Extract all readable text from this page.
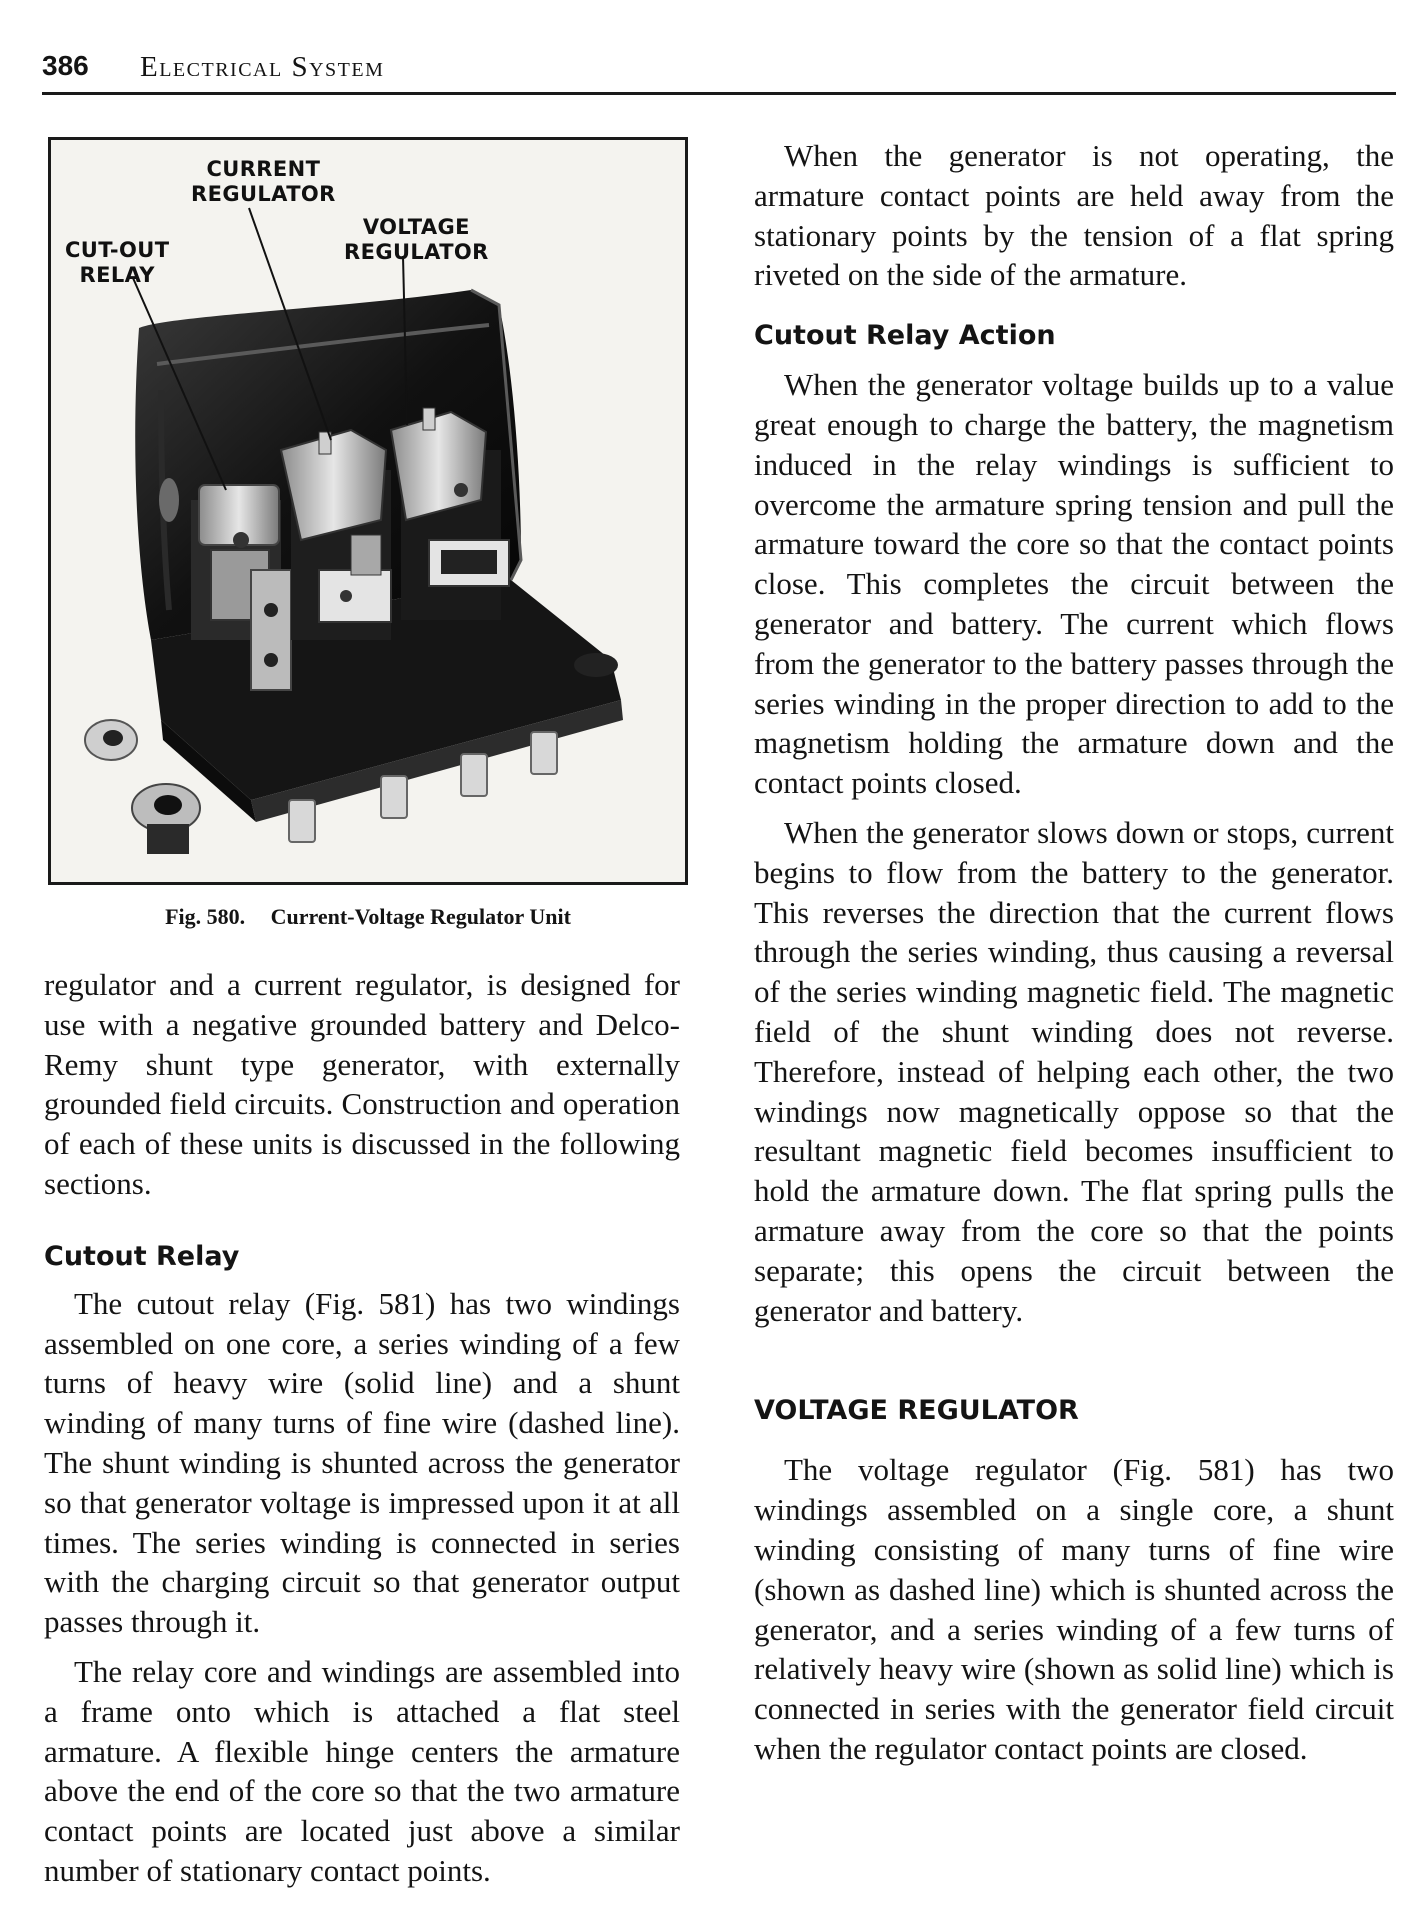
386 Electrical System
CUT-OUT
RELAY
CURRENT
REGULATOR
VOLTAGE
REGULATOR
Fig. 580. Current-Voltage Regulator Unit

regulator and a current regulator, is designed for use with a negative grounded battery and Delco-Remy shunt type generator, with externally grounded field circuits. Construction and operation of each of these units is discussed in the following sections.

Cutout Relay

The cutout relay (Fig. 581) has two windings assembled on one core, a series winding of a few turns of heavy wire (solid line) and a shunt winding of many turns of fine wire (dashed line). The shunt winding is shunted across the generator so that generator voltage is impressed upon it at all times. The series winding is connected in series with the charging circuit so that generator output passes through it.

The relay core and windings are assembled into a frame onto which is attached a flat steel armature. A flexible hinge centers the armature above the end of the core so that the two armature contact points are located just above a similar number of stationary contact points.

When the generator is not operating, the armature contact points are held away from the stationary points by the tension of a flat spring riveted on the side of the armature.

Cutout Relay Action

When the generator voltage builds up to a value great enough to charge the battery, the magnetism induced in the relay windings is sufficient to overcome the armature spring tension and pull the armature toward the core so that the contact points close. This completes the circuit between the generator and battery. The current which flows from the generator to the battery passes through the series winding in the proper direction to add to the magnetism holding the armature down and the contact points closed.

When the generator slows down or stops, current begins to flow from the battery to the generator. This reverses the direction that the current flows through the series winding, thus causing a reversal of the series winding magnetic field. The magnetic field of the shunt winding does not reverse. Therefore, instead of helping each other, the two windings now magnetically oppose so that the resultant magnetic field becomes insufficient to hold the armature down. The flat spring pulls the armature away from the core so that the points separate; this opens the circuit between the generator and battery.

VOLTAGE REGULATOR

The voltage regulator (Fig. 581) has two windings assembled on a single core, a shunt winding consisting of many turns of fine wire (shown as dashed line) which is shunted across the generator, and a series winding of a few turns of relatively heavy wire (shown as solid line) which is connected in series with the generator field circuit when the regulator contact points are closed.
